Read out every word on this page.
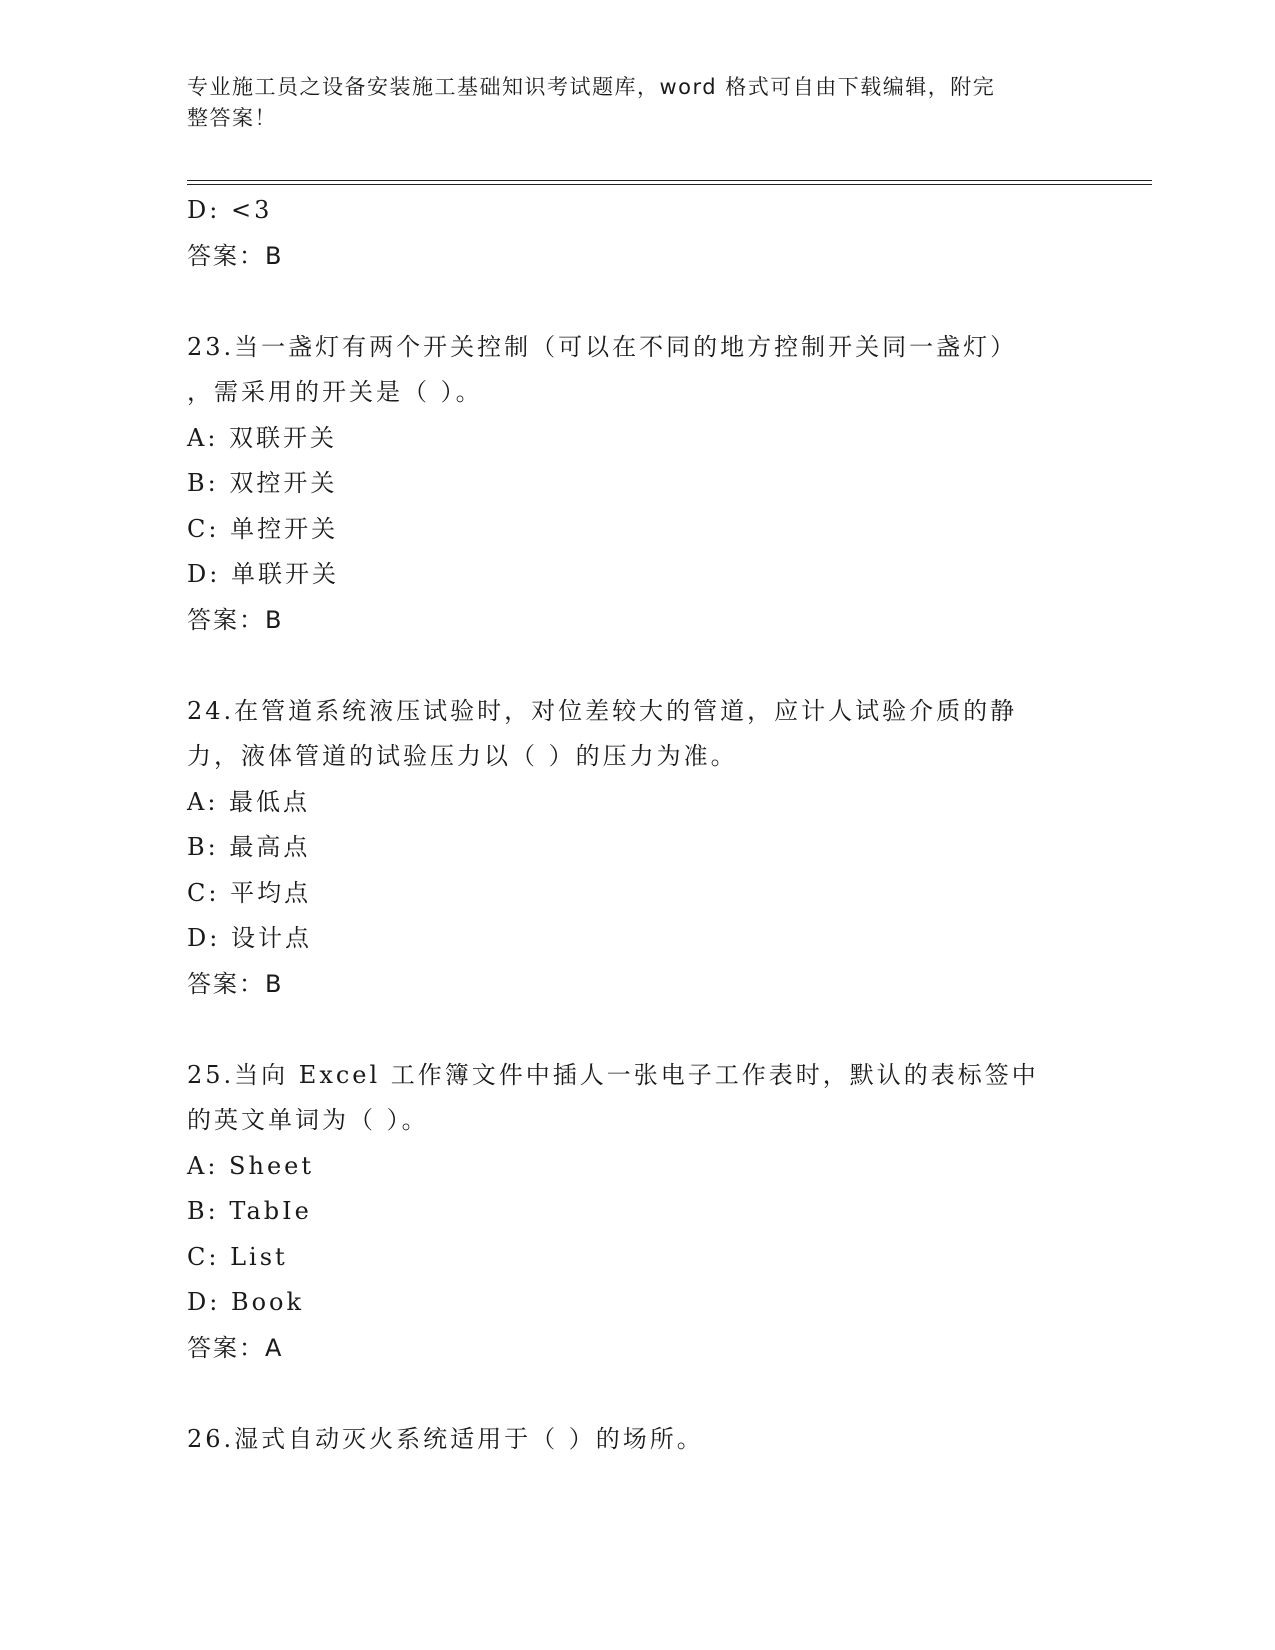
专业施工员之设备安装施工基础知识考试题库，word 格式可自由下载编辑，附完
整答案！
D: <3
答案：B
23.当一盏灯有两个开关控制（可以在不同的地方控制开关同一盏灯）
，需采用的开关是（ ）。
A: 双联开关
B: 双控开关
C: 单控开关
D: 单联开关
答案：B
24.在管道系统液压试验时，对位差较大的管道，应计人试验介质的静
力，液体管道的试验压力以（ ）的压力为准。
A: 最低点
B: 最高点
C: 平均点
D: 设计点
答案：B
25.当向 Excel 工作簿文件中插人一张电子工作表时，默认的表标签中
的英文单词为（ ）。
A: Sheet
B: TabIe
C: List
D: Book
答案：A
26.湿式自动灭火系统适用于（ ）的场所。
